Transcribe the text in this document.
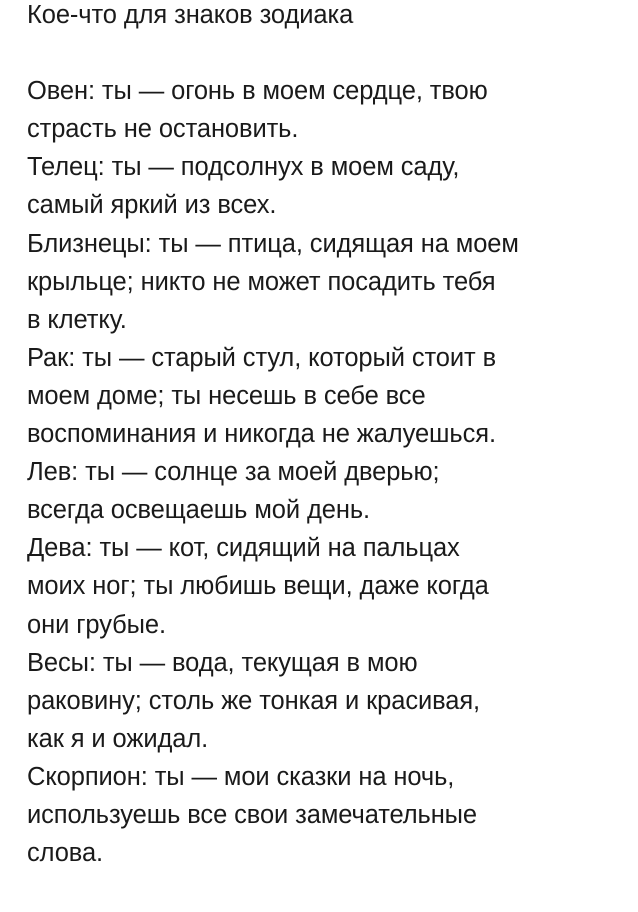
Кое-что для знаков зодиака
Овен: ты — огонь в моем сердце, твою
страсть не остановить.
Телец: ты — подсолнух в моем саду,
самый яркий из всех.
Близнецы: ты — птица, сидящая на моем
крыльце; никто не может посадить тебя
в клетку.
Рак: ты — старый стул, который стоит в
моем доме; ты несешь в себе все
воспоминания и никогда не жалуешься.
Лев: ты — солнце за моей дверью;
всегда освещаешь мой день.
Дева: ты — кот, сидящий на пальцах
моих ног; ты любишь вещи, даже когда
они грубые.
Весы: ты — вода, текущая в мою
раковину; столь же тонкая и красивая,
как я и ожидал.
Скорпион: ты — мои сказки на ночь,
используешь все свои замечательные
слова.
